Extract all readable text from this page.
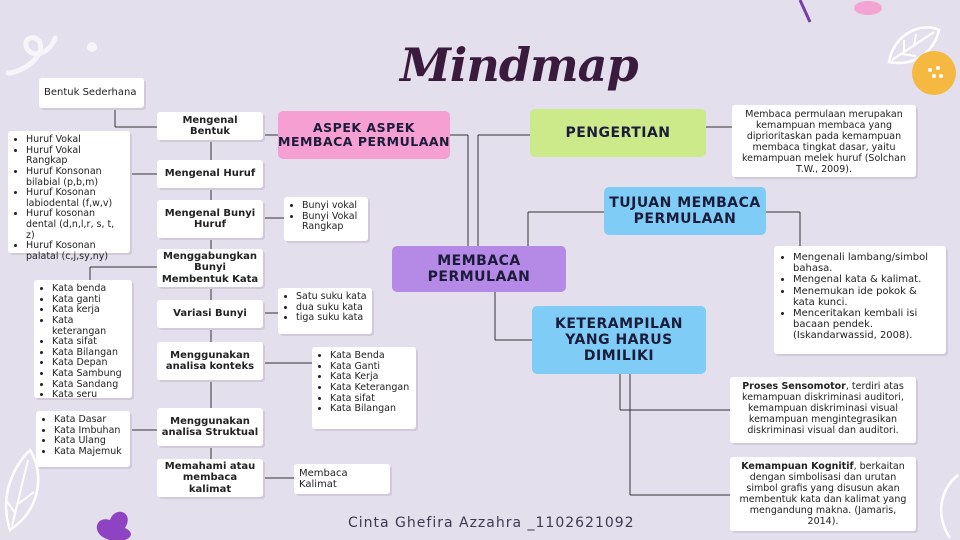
Mindmap
Cinta Ghefira Azzahra _1102621092
MEMBACA PERMULAAN
ASPEK ASPEK MEMBACA PERMULAAN
PENGERTIAN
TUJUAN MEMBACA PERMULAAN
KETERAMPILAN YANG HARUS DIMILIKI
Mengenal Bentuk
Mengenal Huruf
Mengenal Bunyi Huruf
Menggabungkan Bunyi Membentuk Kata
Variasi Bunyi
Menggunakan analisa konteks
Menggunakan analisa Struktual
Memahami atau membaca kalimat
Bentuk Sederhana
• Huruf Vokal
• Huruf Vokal Rangkap
• Huruf Konsonan bilabial (p,b,m)
• Huruf Kosonan labiodental (f,w,v)
• Huruf kosonan dental (d,n,l,r, s, t, z)
• Huruf Kosonan palatal (c,j,sy,ny)
• Bunyi vokal
• Bunyi Vokal Rangkap
• Kata benda
• Kata ganti
• Kata kerja
• Kata keterangan
• Kata sifat
• Kata Bilangan
• Kata Depan
• Kata Sambung
• Kata Sandang
• Kata seru
• Satu suku kata
• dua suku kata
• tiga suku kata
• Kata Benda
• Kata Ganti
• Kata Kerja
• Kata Keterangan
• Kata sifat
• Kata Bilangan
• Kata Dasar
• Kata Imbuhan
• Kata Ulang
• Kata Majemuk
Membaca Kalimat
Membaca permulaan merupakan kemampuan membaca yang diprioritaskan pada kemampuan membaca tingkat dasar, yaitu kemampuan melek huruf (Solchan T.W., 2009).
• Mengenali lambang/simbol bahasa.
• Mengenal kata & kalimat.
• Menemukan ide pokok & kata kunci.
• Menceritakan kembali isi bacaan pendek. (Iskandarwassid, 2008).
Proses Sensomotor, terdiri atas kemampuan diskriminasi auditori, kemampuan diskriminasi visual kemampuan mengintegrasikan diskriminasi visual dan auditori.
Kemampuan Kognitif, berkaitan dengan simbolisasi dan urutan simbol grafis yang disusun akan membentuk kata dan kalimat yang mengandung makna. (Jamaris, 2014).
